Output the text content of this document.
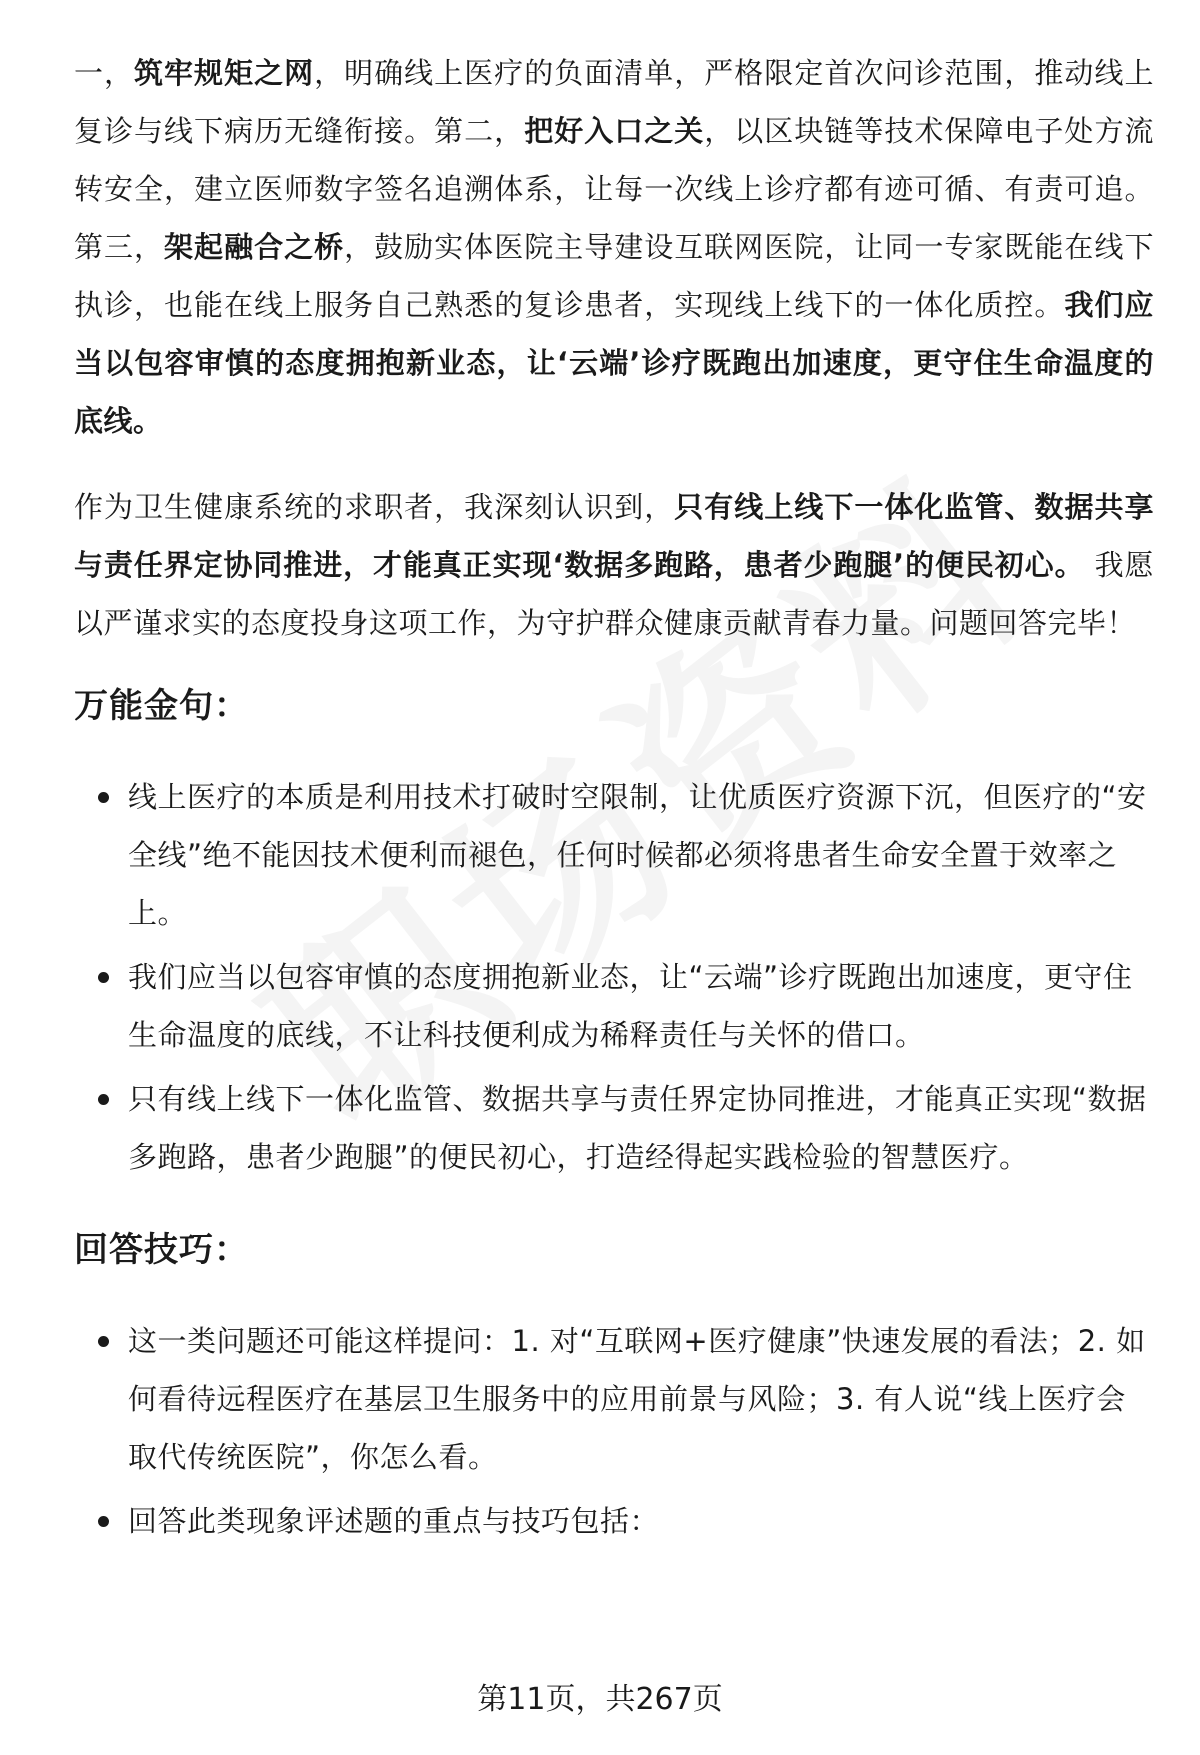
一，筑牢规矩之网，明确线上医疗的负面清单，严格限定首次问诊范围，推动线上复诊与线下病历无缝衔接。第二，把好入口之关，以区块链等技术保障电子处方流转安全，建立医师数字签名追溯体系，让每一次线上诊疗都有迹可循、有责可追。第三，架起融合之桥，鼓励实体医院主导建设互联网医院，让同一专家既能在线下执诊，也能在线上服务自己熟悉的复诊患者，实现线上线下的一体化质控。我们应当以包容审慎的态度拥抱新业态，让‘云端’诊疗既跑出加速度，更守住生命温度的底线。

作为卫生健康系统的求职者，我深刻认识到，只有线上线下一体化监管、数据共享与责任界定协同推进，才能真正实现‘数据多跑路，患者少跑腿’的便民初心。 我愿以严谨求实的态度投身这项工作，为守护群众健康贡献青春力量。问题回答完毕！

万能金句：
线上医疗的本质是利用技术打破时空限制，让优质医疗资源下沉，但医疗的“安全线”绝不能因技术便利而褪色，任何时候都必须将患者生命安全置于效率之上。
我们应当以包容审慎的态度拥抱新业态，让“云端”诊疗既跑出加速度，更守住生命温度的底线，不让科技便利成为稀释责任与关怀的借口。
只有线上线下一体化监管、数据共享与责任界定协同推进，才能真正实现“数据多跑路，患者少跑腿”的便民初心，打造经得起实践检验的智慧医疗。
回答技巧：
这一类问题还可能这样提问：1. 对“互联网+医疗健康”快速发展的看法；2. 如何看待远程医疗在基层卫生服务中的应用前景与风险；3. 有人说“线上医疗会取代传统医院”，你怎么看。
回答此类现象评述题的重点与技巧包括：
第11页，共267页
